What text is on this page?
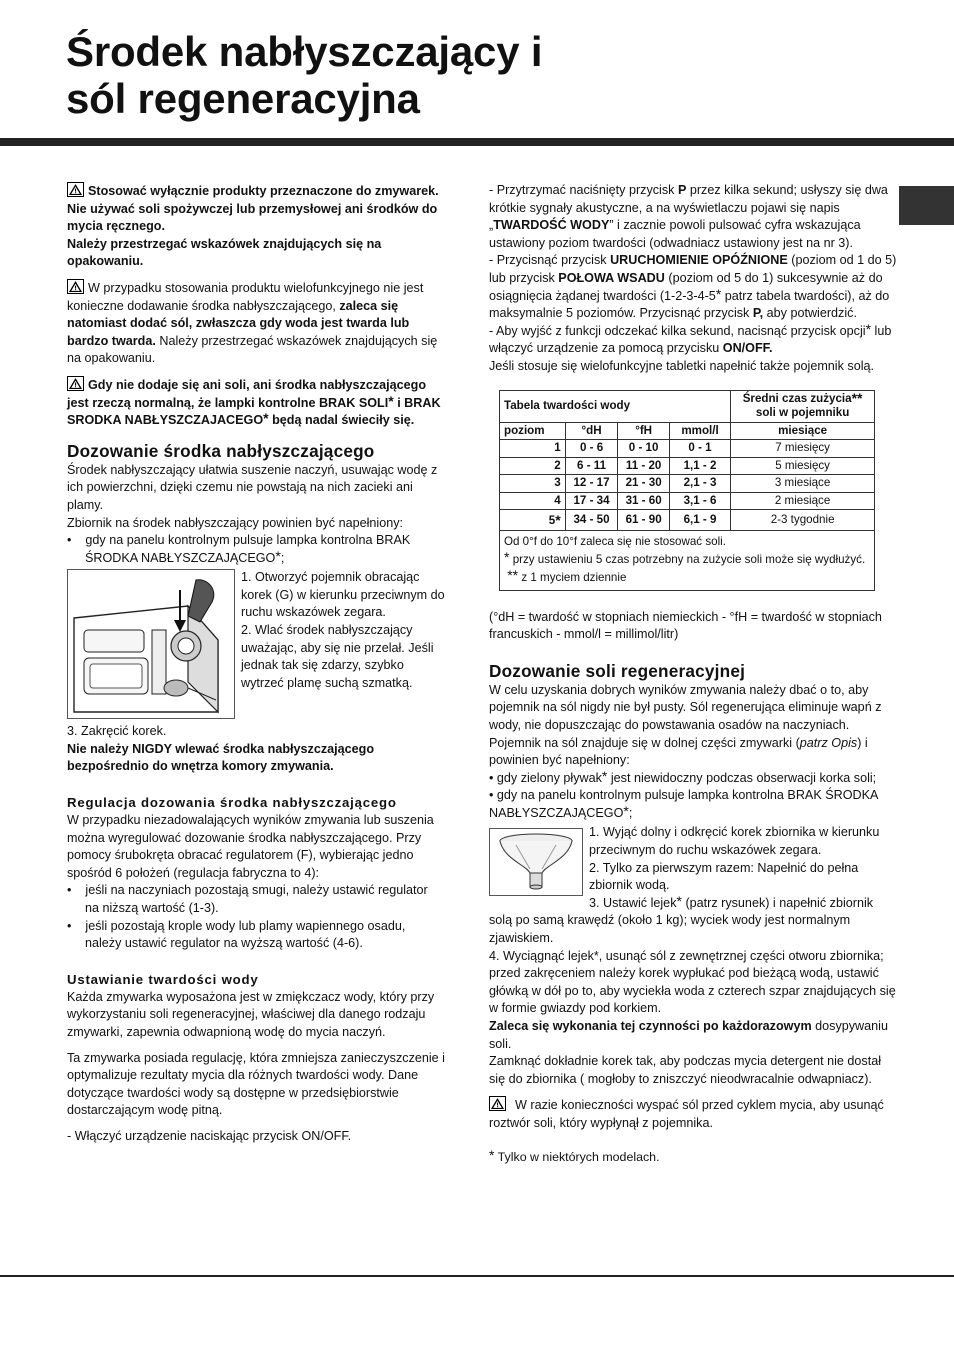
Środek nabłyszczający i
sól regeneracyjna

Stosować wyłącznie produkty przeznaczone do zmywarek.
Nie używać soli spożywczej lub przemysłowej ani środków do mycia ręcznego.
Należy przestrzegać wskazówek znajdujących się na opakowaniu.

W przypadku stosowania produktu wielofunkcyjnego nie jest konieczne dodawanie środka nabłyszczającego, zaleca się natomiast dodać sól, zwłaszcza gdy woda jest twarda lub bardzo twarda. Należy przestrzegać wskazówek znajdujących się na opakowaniu.

Gdy nie dodaje się ani soli, ani środka nabłyszczającego jest rzeczą normalną, że lampki kontrolne BRAK SOLI* i BRAK SRODKA NABŁYSZCZAJACEGO* będą nadal świeciły się.

Dozowanie środka nabłyszczającego

Środek nabłyszczający ułatwia suszenie naczyń, usuwając wodę z ich powierzchni, dzięki czemu nie powstają na nich zacieki ani plamy.

Zbiornik na środek nabłyszczający powinien być napełniony:

• gdy na panelu kontrolnym pulsuje lampka kontrolna BRAK ŚRODKA NABŁYSZCZAJĄCEGO*;

1. Otworzyć pojemnik obracając korek (G) w kierunku przeciwnym do ruchu wskazówek zegara.

2. Wlać środek nabłyszczający uważając, aby się nie przelał. Jeśli jednak tak się zdarzy, szybko wytrzeć plamę suchą szmatką.

3. Zakręcić korek.

Nie należy NIGDY wlewać środka nabłyszczającego bezpośrednio do wnętrza komory zmywania.

Regulacja dozowania środka nabłyszczającego

W przypadku niezadowalających wyników zmywania lub suszenia można wyregulować dozowanie środka nabłyszczającego. Przy pomocy śrubokręta obracać regulatorem (F), wybierając jedno spośród 6 położeń (regulacja fabryczna to 4):

• jeśli na naczyniach pozostają smugi, należy ustawić regulator na niższą wartość (1-3).

• jeśli pozostają krople wody lub plamy wapiennego osadu, należy ustawić regulator na wyższą wartość (4-6).

Ustawianie twardości wody

Każda zmywarka wyposażona jest w zmiękczacz wody, który przy wykorzystaniu soli regeneracyjnej, właściwej dla danego rodzaju zmywarki, zapewnia odwapnioną wodę do mycia naczyń.

Ta zmywarka posiada regulację, która zmniejsza zanieczyszczenie i optymalizuje rezultaty mycia dla różnych twardości wody. Dane dotyczące twardości wody są dostępne w przedsiębiorstwie dostarczającym wodę pitną.

- Włączyć urządzenie naciskając przycisk ON/OFF.

- Przytrzymać naciśnięty przycisk P przez kilka sekund; usłyszy się dwa krótkie sygnały akustyczne, a na wyświetlaczu pojawi się napis „TWARDOŚĆ WODY” i zacznie powoli pulsować cyfra wskazująca ustawiony poziom twardości (odwadniacz ustawiony jest na nr 3).

- Przycisnąć przycisk URUCHOMIENIE OPÓŹNIONE (poziom od 1 do 5) lub przycisk POŁOWA WSADU (poziom od 5 do 1) sukcesywnie aż do osiągnięcia żądanej twardości (1-2-3-4-5* patrz tabela twardości), aż do maksymalnie 5 poziomów. Przycisnąć przycisk P, aby potwierdzić.

- Aby wyjść z funkcji odczekać kilka sekund, nacisnąć przycisk opcji* lub włączyć urządzenie za pomocą przycisku ON/OFF.
Jeśli stosuje się wielofunkcyjne tabletki napełnić także pojemnik solą.

Tabela twardości wody				Średni czas zużycia**
soli w pojemniku
poziom	°dH	°fH	mmol/l	miesiące
1	0 - 6	0 - 10	0 - 1	7 miesięcy
2	6 - 11	11 - 20	1,1 - 2	5 miesięcy
3	12 - 17	21 - 30	2,1 - 3	3 miesiące
4	17 - 34	31 - 60	3,1 - 6	2 miesiące
5*	34 - 50	61 - 90	6,1 - 9	2-3 tygodnie
Od 0°f do 10°f zaleca się nie stosować soli.
* przy ustawieniu 5 czas potrzebny na zużycie soli może się wydłużyć.  ** z 1 myciem dziennie				

(°dH = twardość w stopniach niemieckich - °fH = twardość w stopniach francuskich - mmol/l = millimol/litr)

Dozowanie soli regeneracyjnej

W celu uzyskania dobrych wyników zmywania należy dbać o to, aby pojemnik na sól nigdy nie był pusty. Sól regenerująca eliminuje wapń z wody, nie dopuszczając do powstawania osadów na naczyniach.

Pojemnik na sól znajduje się w dolnej części zmywarki (patrz Opis) i powinien być napełniony:

• gdy zielony pływak* jest niewidoczny podczas obserwacji korka soli;

• gdy na panelu kontrolnym pulsuje lampka kontrolna BRAK ŚRODKA NABŁYSZCZAJĄCEGO*;

1. Wyjąć dolny i odkręcić korek zbiornika w kierunku przeciwnym do ruchu wskazówek zegara.

2. Tylko za pierwszym razem: Napełnić do pełna zbiornik wodą.

3. Ustawić lejek* (patrz rysunek) i napełnić zbiornik solą po samą krawędź (około 1 kg); wyciek wody jest normalnym zjawiskiem.

4. Wyciągnąć lejek*, usunąć sól z zewnętrznej części otworu zbiornika; przed zakręceniem należy korek wypłukać pod bieżącą wodą, ustawić główką w dół po to, aby wyciekła woda z czterech szpar znajdujących się w formie gwiazdy pod korkiem.

Zaleca się wykonania tej czynności po każdorazowym dosypywaniu soli.

Zamknąć dokładnie korek tak, aby podczas mycia detergent nie dostał się do zbiornika ( mogłoby to zniszczyć nieodwracalnie odwapniacz).

W razie konieczności wyspać sól przed cyklem mycia, aby usunąć roztwór soli, który wypłynął z pojemnika.

* Tylko w niektórych modelach.
